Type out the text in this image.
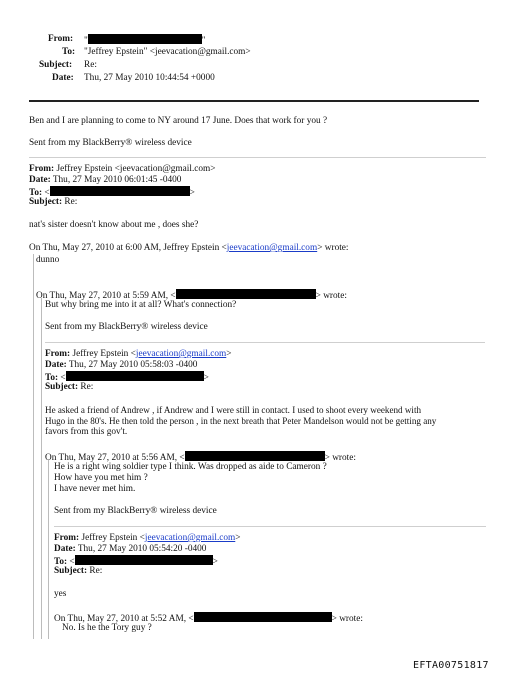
From: "	"
To: "Jeffrey Epstein" <jeevacation@gmail.com>
Subject: Re:
Date: Thu, 27 May 2010 10:44:54 +0000
Ben and I are planning to come to NY around 17 June. Does that work for you ?
Sent from my BlackBerry® wireless device
From: Jeffrey Epstein <jeevacation@gmail.com>
Date: Thu, 27 May 2010 06:01:45 -0400
To: <	>
Subject: Re:
nat's sister doesn't know about me , does she?
On Thu, May 27, 2010 at 6:00 AM, Jeffrey Epstein <jeevacation@gmail.com> wrote:
dunno
On Thu, May 27, 2010 at 5:59 AM, <	> wrote:
But why bring me into it at all? What's connection?
Sent from my BlackBerry® wireless device
From: Jeffrey Epstein <jeevacation@gmail.com>
Date: Thu, 27 May 2010 05:58:03 -0400
To: <	>
Subject: Re:
He asked a friend of Andrew , if Andrew and I were still in contact. I used to shoot every weekend with
Hugo in the 80's. He then told the person , in the next breath that Peter Mandelson would not be getting any
favors from this gov't.
On Thu, May 27, 2010 at 5:56 AM, <	> wrote:
He is a right wing soldier type I think. Was dropped as aide to Cameron ?
How have you met him ?
I have never met him.
Sent from my BlackBerry® wireless device
From: Jeffrey Epstein <jeevacation@gmail.com>
Date: Thu, 27 May 2010 05:54:20 -0400
To: <	>
Subject: Re:
yes
On Thu, May 27, 2010 at 5:52 AM, <	> wrote:
No. Is he the Tory guy ?
EFTA00751817
